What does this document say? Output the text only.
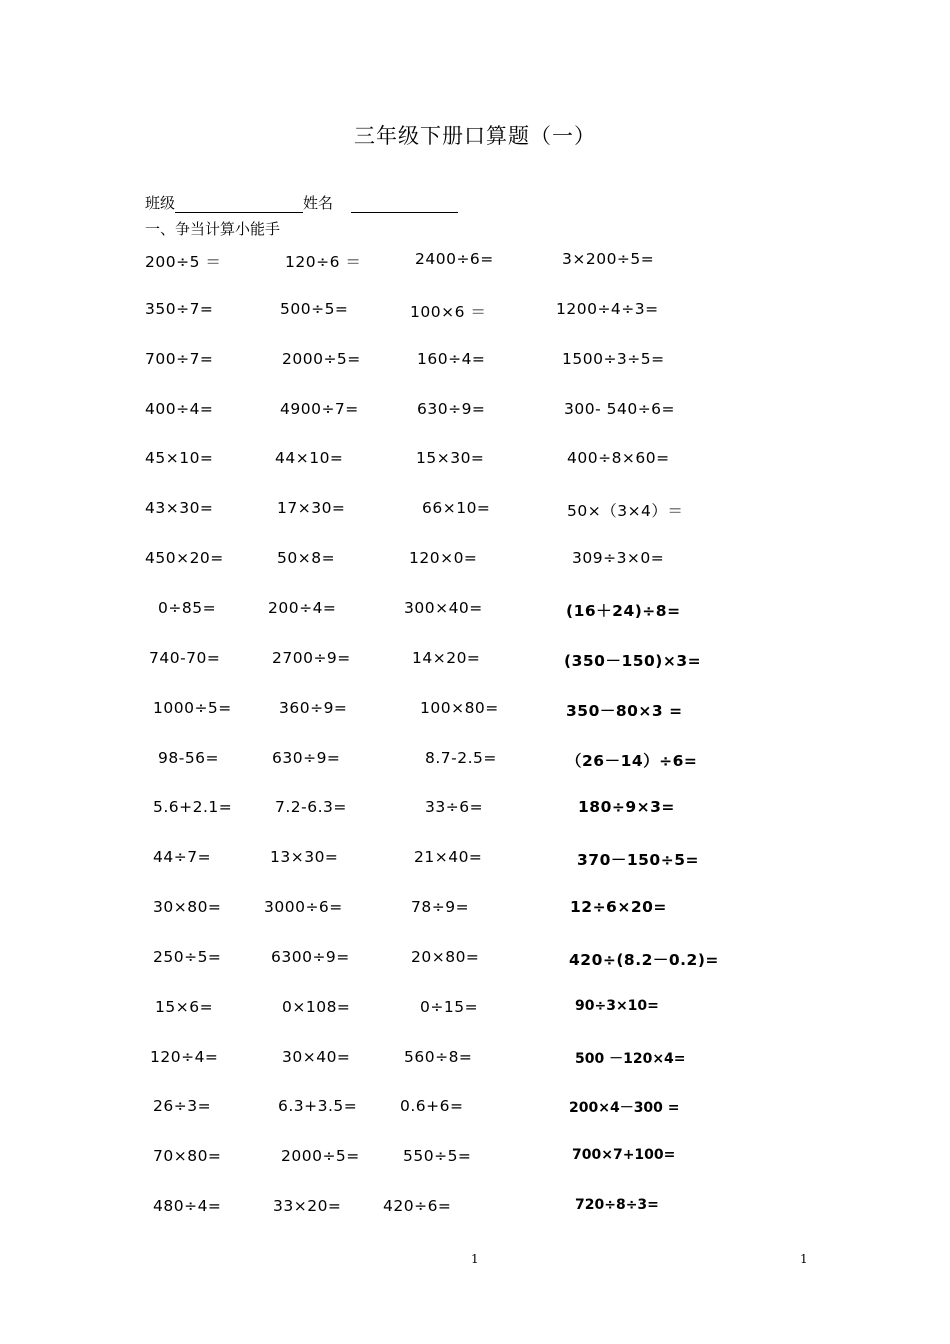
三年级下册口算题（一）
班级	姓名
一、争当计算小能手
200÷5 ＝	120÷6 ＝	2400÷6=	3×200÷5=
350÷7=	500÷5=	100×6 ＝	1200÷4÷3=
700÷7=	2000÷5=	160÷4=	1500÷3÷5=
400÷4=	4900÷7=	630÷9=	300- 540÷6=
45×10=	44×10=	15×30=	400÷8×60=
43×30=	17×30=	66×10=	50×（3×4）＝
450×20=	50×8=	120×0=	309÷3×0=
0÷85=	200÷4=	300×40=	(16＋24)÷8=
740-70=	2700÷9=	14×20=	(350－150)×3=
1000÷5=	360÷9=	100×80=	350－80×3 =
98-56=	630÷9=	8.7-2.5=	（26－14）÷6=
5.6+2.1=	7.2-6.3=	33÷6=	180÷9×3=
44÷7=	13×30=	21×40=	370－150÷5=
30×80=	3000÷6=	78÷9=	12÷6×20=
250÷5=	6300÷9=	20×80=	420÷(8.2－0.2)=
15×6=	0×108=	0÷15=	90÷3×10=
120÷4=	30×40=	560÷8=	500 －120×4=
26÷3=	6.3+3.5=	0.6+6=	200×4－300 =
70×80=	2000÷5=	550÷5=	700×7+100=
480÷4=	33×20=	420÷6=	720÷8÷3=
1	1
